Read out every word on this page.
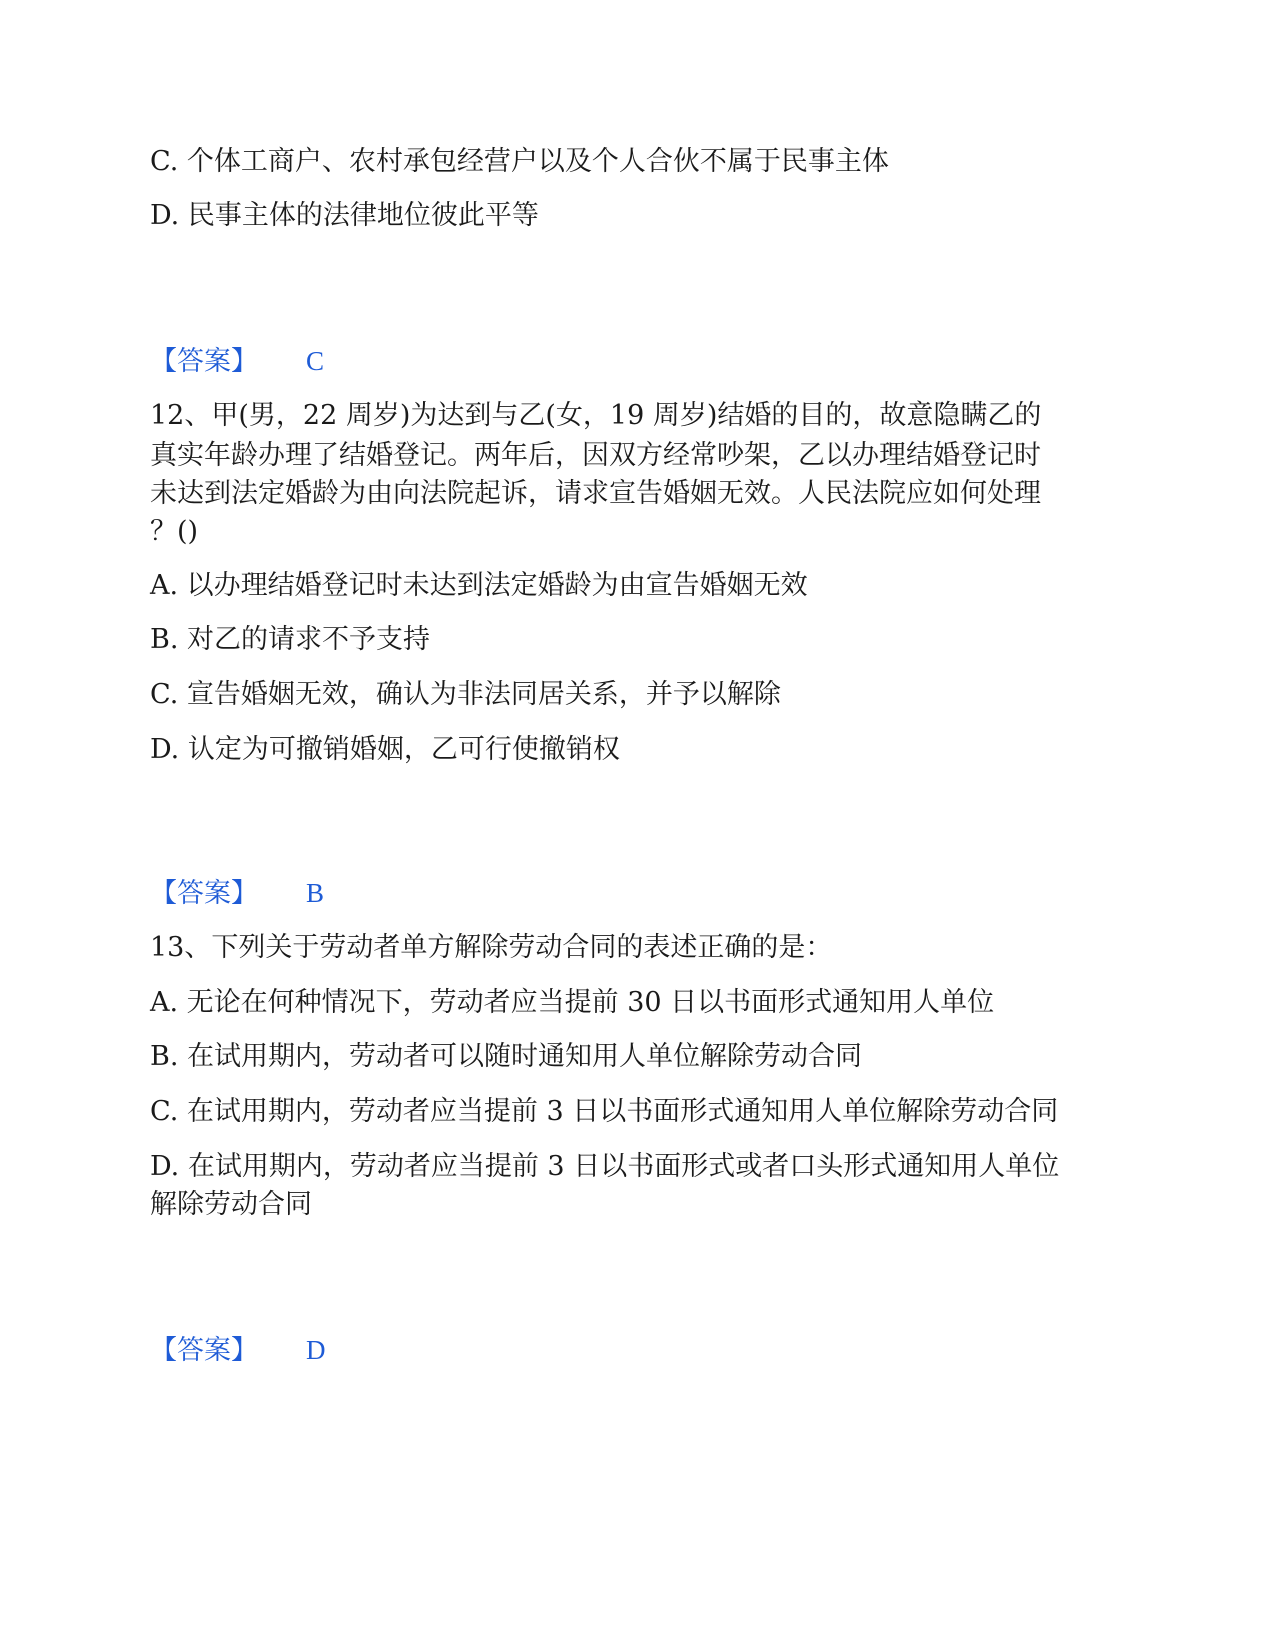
C. 个体工商户、农村承包经营户以及个人合伙不属于民事主体
D. 民事主体的法律地位彼此平等
【答案】 C
12、甲(男，22 周岁)为达到与乙(女，19 周岁)结婚的目的，故意隐瞒乙的
真实年龄办理了结婚登记。两年后，因双方经常吵架，乙以办理结婚登记时
未达到法定婚龄为由向法院起诉，请求宣告婚姻无效。人民法院应如何处理
？()
A. 以办理结婚登记时未达到法定婚龄为由宣告婚姻无效
B. 对乙的请求不予支持
C. 宣告婚姻无效，确认为非法同居关系，并予以解除
D. 认定为可撤销婚姻，乙可行使撤销权
【答案】 B
13、下列关于劳动者单方解除劳动合同的表述正确的是：
A. 无论在何种情况下，劳动者应当提前 30 日以书面形式通知用人单位
B. 在试用期内，劳动者可以随时通知用人单位解除劳动合同
C. 在试用期内，劳动者应当提前 3 日以书面形式通知用人单位解除劳动合同
D. 在试用期内，劳动者应当提前 3 日以书面形式或者口头形式通知用人单位
解除劳动合同
【答案】 D
